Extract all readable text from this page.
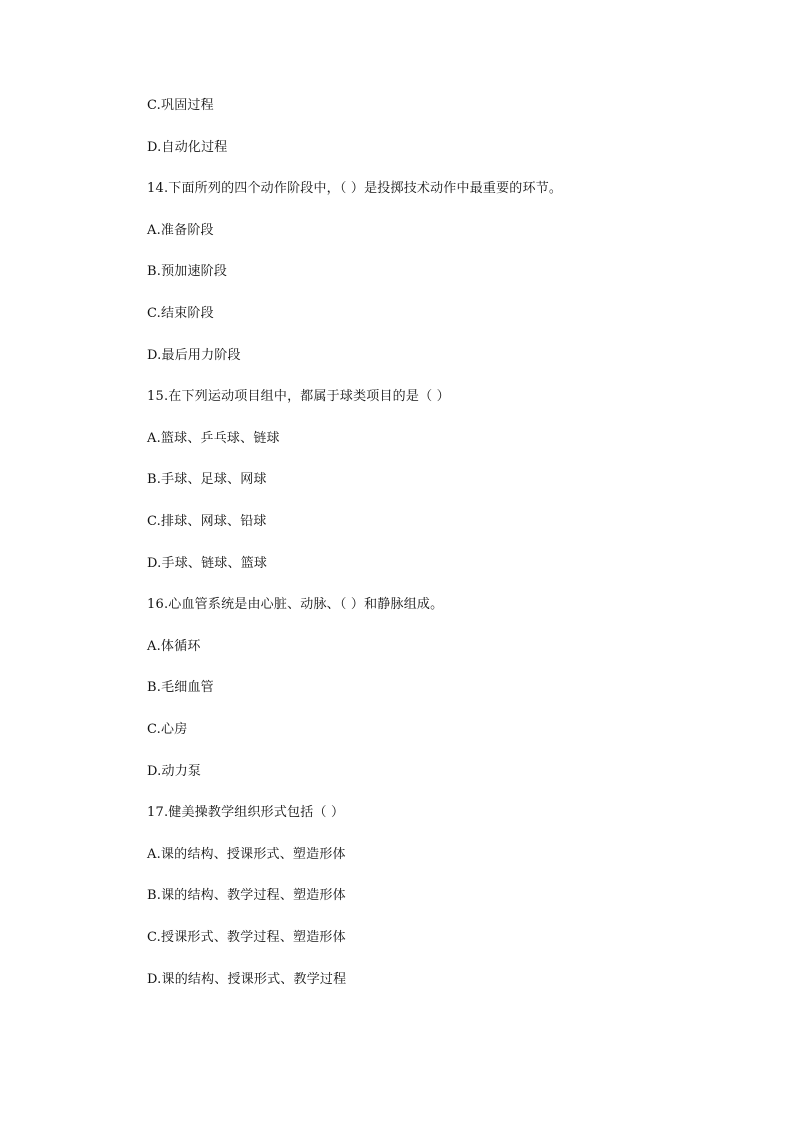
C.巩固过程
D.自动化过程
14.下面所列的四个动作阶段中，（ ）是投掷技术动作中最重要的环节。
A.准备阶段
B.预加速阶段
C.结束阶段
D.最后用力阶段
15.在下列运动项目组中，都属于球类项目的是（ ）
A.篮球、乒乓球、链球
B.手球、足球、网球
C.排球、网球、铅球
D.手球、链球、篮球
16.心血管系统是由心脏、动脉、（ ）和静脉组成。
A.体循环
B.毛细血管
C.心房
D.动力泵
17.健美操教学组织形式包括（ ）
A.课的结构、授课形式、塑造形体
B.课的结构、教学过程、塑造形体
C.授课形式、教学过程、塑造形体
D.课的结构、授课形式、教学过程
